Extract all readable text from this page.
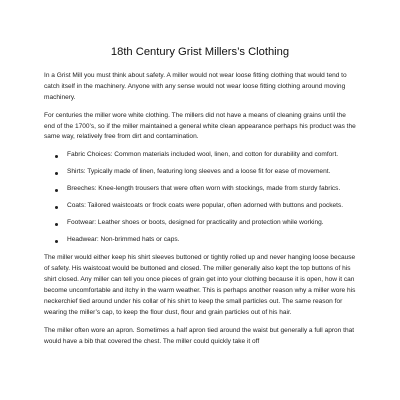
18th Century Grist Millers’s Clothing

In a Grist Mill you must think about safety. A miller would not wear loose fitting clothing that would tend to catch itself in the machinery. Anyone with any sense would not wear loose fitting clothing around moving machinery.

For centuries the miller wore white clothing. The millers did not have a means of cleaning grains until the end of the 1700’s, so if the miller maintained a general white clean appearance perhaps his product was the same way, relatively free from dirt and contamination.

Fabric Choices: Common materials included wool, linen, and cotton for durability and comfort.
Shirts: Typically made of linen, featuring long sleeves and a loose fit for ease of movement.
Breeches: Knee-length trousers that were often worn with stockings, made from sturdy fabrics.
Coats: Tailored waistcoats or frock coats were popular, often adorned with buttons and pockets.
Footwear: Leather shoes or boots, designed for practicality and protection while working.
Headwear: Non-brimmed hats or caps.

The miller would either keep his shirt sleeves buttoned or tightly rolled up and never hanging loose because of safety. His waistcoat would be buttoned and closed. The miller generally also kept the top buttons of his shirt closed. Any miller can tell you once pieces of grain get into your clothing because it is open, how it can become uncomfortable and itchy in the warm weather. This is perhaps another reason why a miller wore his neckerchief tied around under his collar of his shirt to keep the small particles out. The same reason for wearing the miller’s cap, to keep the flour dust, flour and grain particles out of his hair.

The miller often wore an apron. Sometimes a half apron tied around the waist but generally a full apron that would have a bib that covered the chest. The miller could quickly take it off
